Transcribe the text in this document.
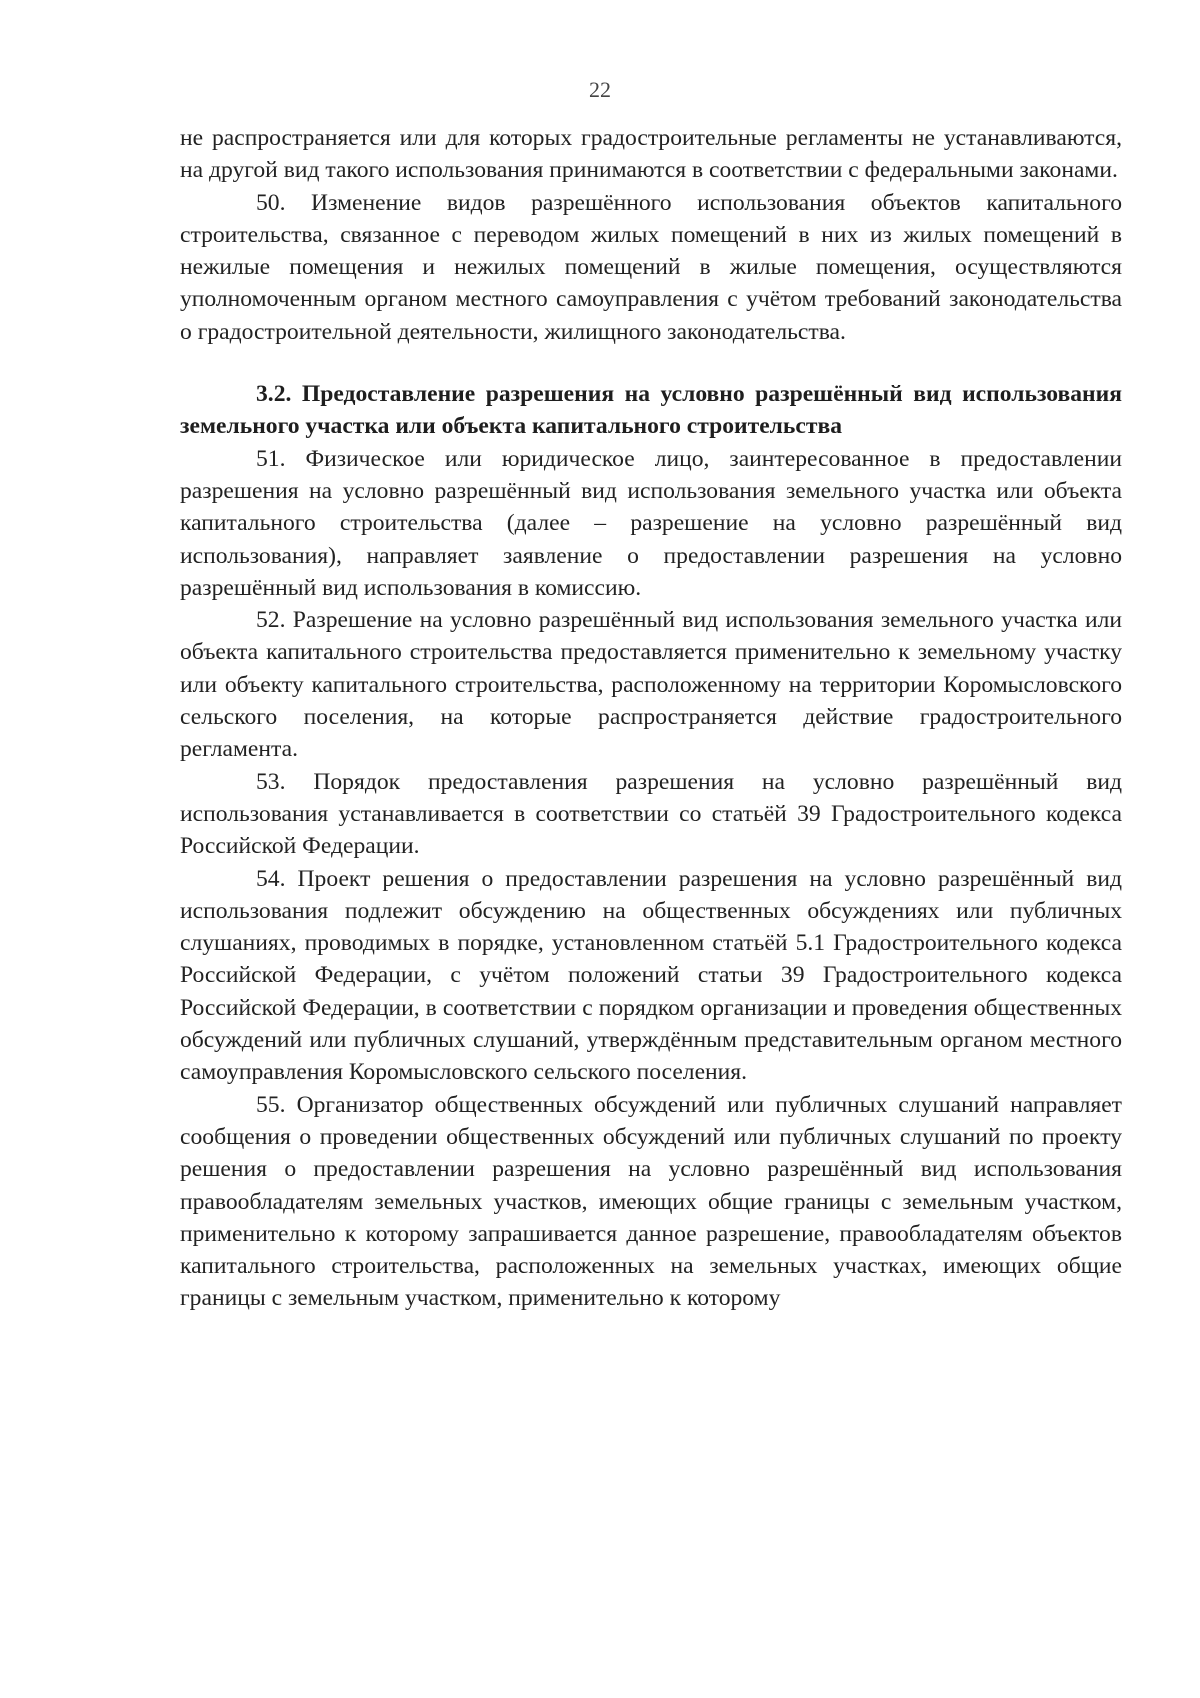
22

не распространяется или для которых градостроительные регламенты не устанавливаются, на другой вид такого использования принимаются в соответствии с федеральными законами.

50. Изменение видов разрешённого использования объектов капитального строительства, связанное с переводом жилых помещений в них из жилых помещений в нежилые помещения и нежилых помещений в жилые помещения, осуществляются уполномоченным органом местного самоуправления с учётом требований законодательства о градостроительной деятельности, жилищного законодательства.

3.2. Предоставление разрешения на условно разрешённый вид использования земельного участка или объекта капитального строительства

51. Физическое или юридическое лицо, заинтересованное в предоставлении разрешения на условно разрешённый вид использования земельного участка или объекта капитального строительства (далее – разрешение на условно разрешённый вид использования), направляет заявление о предоставлении разрешения на условно разрешённый вид использования в комиссию.

52. Разрешение на условно разрешённый вид использования земельного участка или объекта капитального строительства предоставляется применительно к земельному участку или объекту капитального строительства, расположенному на территории Коромысловского сельского поселения, на которые распространяется действие градостроительного регламента.

53. Порядок предоставления разрешения на условно разрешённый вид использования устанавливается в соответствии со статьёй 39 Градостроительного кодекса Российской Федерации.

54. Проект решения о предоставлении разрешения на условно разрешённый вид использования подлежит обсуждению на общественных обсуждениях или публичных слушаниях, проводимых в порядке, установленном статьёй 5.1 Градостроительного кодекса Российской Федерации, с учётом положений статьи 39 Градостроительного кодекса Российской Федерации, в соответствии с порядком организации и проведения общественных обсуждений или публичных слушаний, утверждённым представительным органом местного самоуправления Коромысловского сельского поселения.

55. Организатор общественных обсуждений или публичных слушаний направляет сообщения о проведении общественных обсуждений или публичных слушаний по проекту решения о предоставлении разрешения на условно разрешённый вид использования правообладателям земельных участков, имеющих общие границы с земельным участком, применительно к которому запрашивается данное разрешение, правообладателям объектов капитального строительства, расположенных на земельных участках, имеющих общие границы с земельным участком, применительно к которому
